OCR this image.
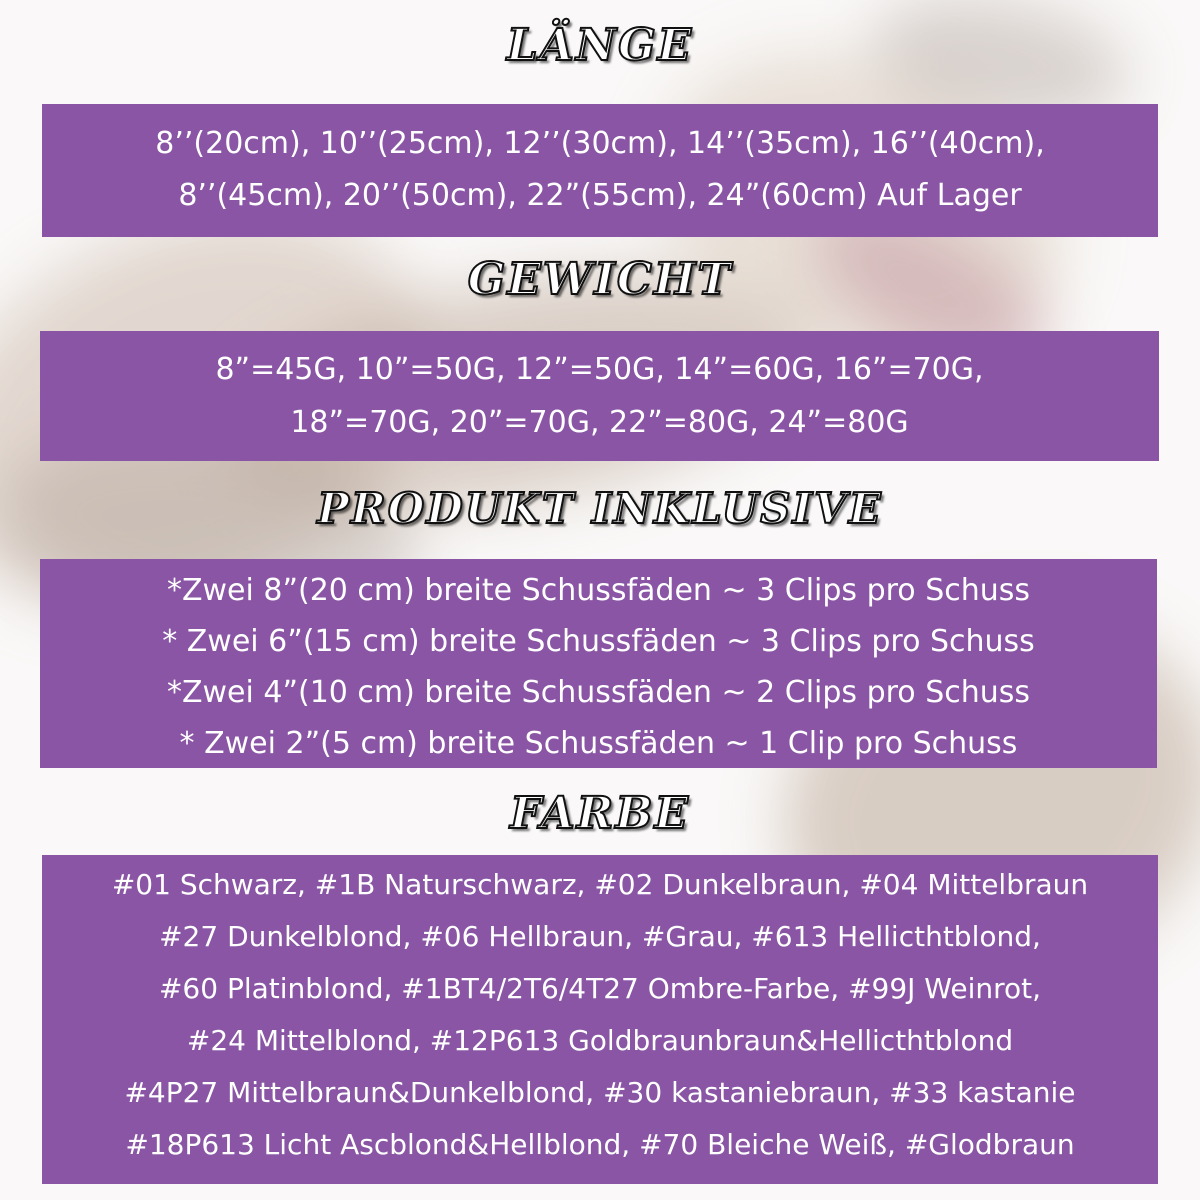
LÄNGE
8’’(20cm), 10’’(25cm), 12’’(30cm), 14’’(35cm), 16’’(40cm),
8’’(45cm), 20’’(50cm), 22”(55cm), 24”(60cm) Auf Lager
GEWICHT
8”=45G, 10”=50G, 12”=50G, 14”=60G, 16”=70G,
18”=70G, 20”=70G, 22”=80G, 24”=80G
PRODUKT INKLUSIVE
*Zwei 8”(20 cm) breite Schussfäden ~ 3 Clips pro Schuss
* Zwei 6”(15 cm) breite Schussfäden ~ 3 Clips pro Schuss
*Zwei 4”(10 cm) breite Schussfäden ~ 2 Clips pro Schuss
* Zwei 2”(5 cm) breite Schussfäden ~ 1 Clip pro Schuss
FARBE
#01 Schwarz, #1B Naturschwarz, #02 Dunkelbraun, #04 Mittelbraun
#27 Dunkelblond, #06 Hellbraun, #Grau, #613 Hellicthtblond,
#60 Platinblond, #1BT4/2T6/4T27 Ombre-Farbe, #99J Weinrot,
#24 Mittelblond, #12P613 Goldbraunbraun&Hellicthtblond
#4P27 Mittelbraun&Dunkelblond, #30 kastaniebraun, #33 kastanie
#18P613 Licht Ascblond&Hellblond, #70 Bleiche Weiß, #Glodbraun
